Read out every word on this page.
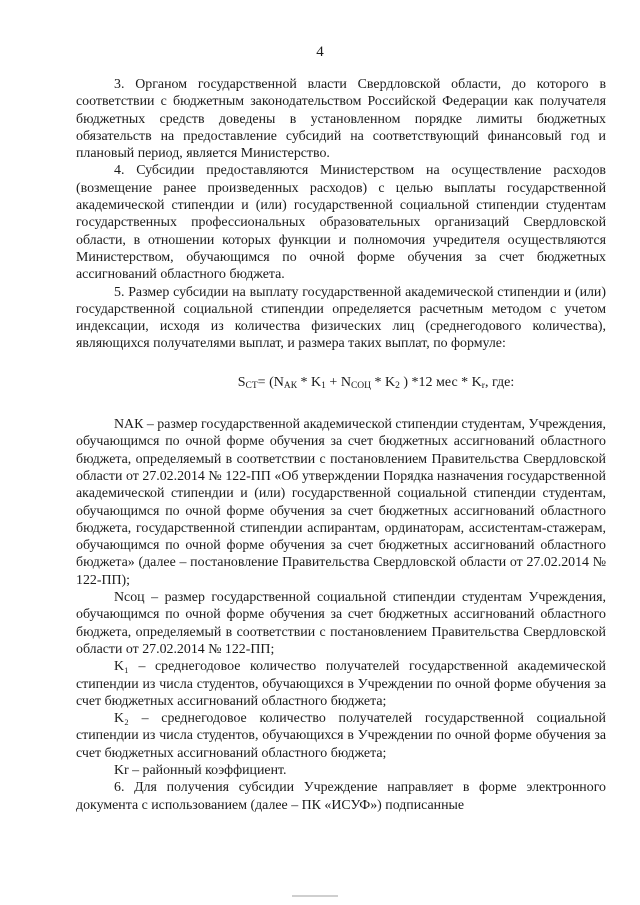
4

3. Органом государственной власти Свердловской области, до которого в соответствии с бюджетным законодательством Российской Федерации как получателя бюджетных средств доведены в установленном порядке лимиты бюджетных обязательств на предоставление субсидий на соответствующий финансовый год и плановый период, является Министерство.

4. Субсидии предоставляются Министерством на осуществление расходов (возмещение ранее произведенных расходов) с целью выплаты государственной академической стипендии и (или) государственной социальной стипендии студентам государственных профессиональных образовательных организаций Свердловской области, в отношении которых функции и полномочия учредителя осуществляются Министерством, обучающимся по очной форме обучения за счет бюджетных ассигнований областного бюджета.

5. Размер субсидии на выплату государственной академической стипендии и (или) государственной социальной стипендии определяется расчетным методом с учетом индексации, исходя из количества физических лиц (среднегодового количества), являющихся получателями выплат, и размера таких выплат, по формуле:

$S_{CT}= (N_{АК} * K_1 + N_{СОЦ} * K_2$ ) *12 мес * $K_r$, где:

NАК – размер государственной академической стипендии студентам, Учреждения, обучающимся по очной форме обучения за счет бюджетных ассигнований областного бюджета, определяемый в соответствии с постановлением Правительства Свердловской области от 27.02.2014 № 122-ПП «Об утверждении Порядка назначения государственной академической стипендии и (или) государственной социальной стипендии студентам, обучающимся по очной форме обучения за счет бюджетных ассигнований областного бюджета, государственной стипендии аспирантам, ординаторам, ассистентам-стажерам, обучающимся по очной форме обучения за счет бюджетных ассигнований областного бюджета» (далее – постановление Правительства Свердловской области от 27.02.2014 № 122-ПП);

Nсоц – размер государственной социальной стипендии студентам Учреждения, обучающимся по очной форме обучения за счет бюджетных ассигнований областного бюджета, определяемый в соответствии с постановлением Правительства Свердловской области от 27.02.2014 № 122-ПП;

K₁ – среднегодовое количество получателей государственной академической стипендии из числа студентов, обучающихся в Учреждении по очной форме обучения за счет бюджетных ассигнований областного бюджета;

K₂ – среднегодовое количество получателей государственной социальной стипендии из числа студентов, обучающихся в Учреждении по очной форме обучения за счет бюджетных ассигнований областного бюджета;

Kr – районный коэффициент.

6. Для получения субсидии Учреждение направляет в форме электронного документа с использованием (далее – ПК «ИСУФ») подписанные
